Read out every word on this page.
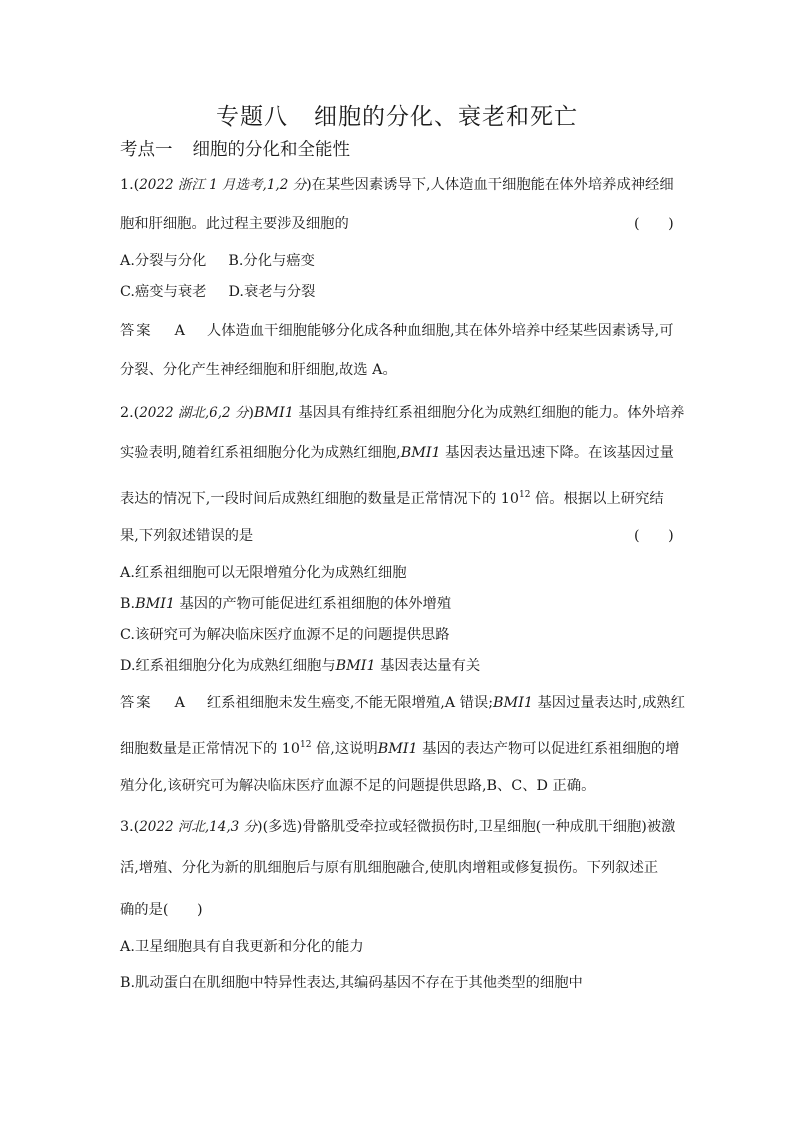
专题八 细胞的分化、衰老和死亡
考点一 细胞的分化和全能性
1.(2022 浙江 1 月选考,1,2 分)在某些因素诱导下,人体造血干细胞能在体外培养成神经细
胞和肝细胞。此过程主要涉及细胞的	(　　)
A.分裂与分化 B.分化与癌变
C.癌变与衰老 D.衰老与分裂
答案 A 人体造血干细胞能够分化成各种血细胞,其在体外培养中经某些因素诱导,可
分裂、分化产生神经细胞和肝细胞,故选 A。
2.(2022 湖北,6,2 分)BMI1 基因具有维持红系祖细胞分化为成熟红细胞的能力。体外培养
实验表明,随着红系祖细胞分化为成熟红细胞,BMI1 基因表达量迅速下降。在该基因过量
表达的情况下,一段时间后成熟红细胞的数量是正常情况下的 $10^{12}$ 倍。根据以上研究结
果,下列叙述错误的是	(　　)
A.红系祖细胞可以无限增殖分化为成熟红细胞
B.BMI1 基因的产物可能促进红系祖细胞的体外增殖
C.该研究可为解决临床医疗血源不足的问题提供思路
D.红系祖细胞分化为成熟红细胞与BMI1 基因表达量有关
答案 A 红系祖细胞未发生癌变,不能无限增殖,A 错误;BMI1 基因过量表达时,成熟红
细胞数量是正常情况下的 $10^{12}$ 倍,这说明BMI1 基因的表达产物可以促进红系祖细胞的增
殖分化,该研究可为解决临床医疗血源不足的问题提供思路,B、C、D 正确。
3.(2022 河北,14,3 分)(多选)骨骼肌受牵拉或轻微损伤时,卫星细胞(一种成肌干细胞)被激
活,增殖、分化为新的肌细胞后与原有肌细胞融合,使肌肉增粗或修复损伤。下列叙述正
确的是(　　)
A.卫星细胞具有自我更新和分化的能力
B.肌动蛋白在肌细胞中特异性表达,其编码基因不存在于其他类型的细胞中
